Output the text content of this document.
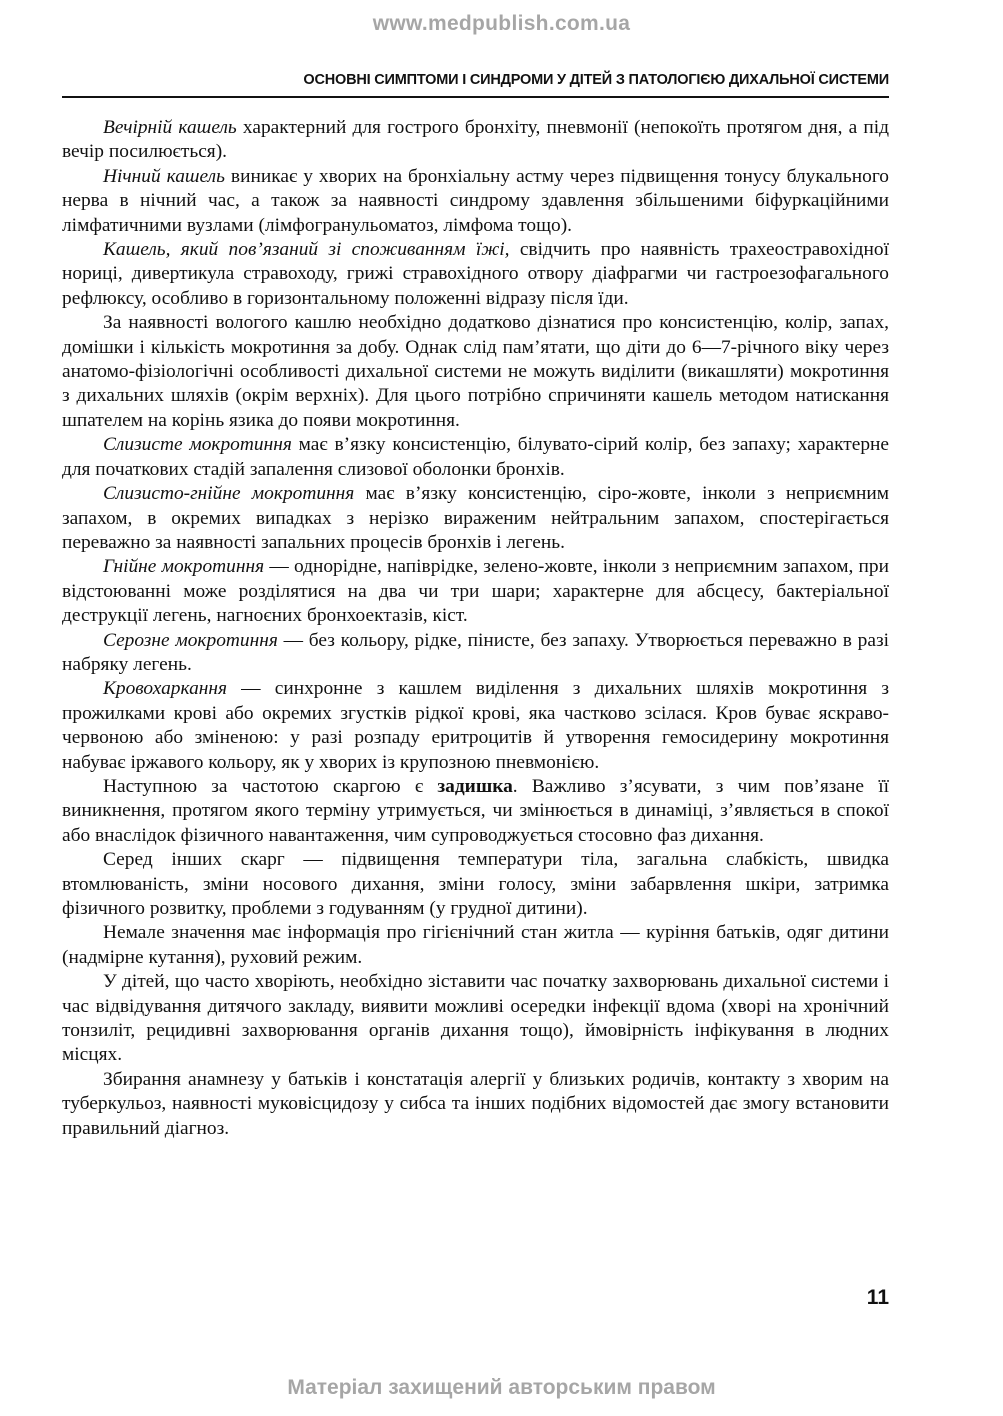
www.medpublish.com.ua
ОСНОВНІ СИМПТОМИ І СИНДРОМИ У ДІТЕЙ З ПАТОЛОГІЄЮ ДИХАЛЬНОЇ СИСТЕМИ

Вечірній кашель характерний для гострого бронхіту, пневмонії (непокоїть протягом дня, а під вечір посилюється).

Нічний кашель виникає у хворих на бронхіальну астму через підвищення тонусу блукального нерва в нічний час, а також за наявності синдрому здавлення збільшеними біфуркаційними лімфатичними вузлами (лімфогранульоматоз, лімфома тощо).

Кашель, який пов’язаний зі споживанням їжі, свідчить про наявність трахеостравохідної нориці, дивертикула стравоходу, грижі стравохідного отвору діафрагми чи гастроезофагального рефлюксу, особливо в горизонтальному положенні відразу після їди.

За наявності вологого кашлю необхідно додатково дізнатися про консистенцію, колір, запах, домішки і кількість мокротиння за добу. Однак слід пам’ятати, що діти до 6—7-річного віку через анатомо-фізіологічні особливості дихальної системи не можуть виділити (викашляти) мокротиння з дихальних шляхів (окрім верхніх). Для цього потрібно спричиняти кашель методом натискання шпателем на корінь язика до появи мокротиння.

Слизисте мокротиння має в’язку консистенцію, білувато-сірий колір, без запаху; характерне для початкових стадій запалення слизової оболонки бронхів.

Слизисто-гнійне мокротиння має в’язку консистенцію, сіро-жовте, інколи з неприємним запахом, в окремих випадках з нерізко вираженим нейтральним запахом, спостерігається переважно за наявності запальних процесів бронхів і легень.

Гнійне мокротиння — однорідне, напіврідке, зелено-жовте, інколи з неприємним запахом, при відстоюванні може розділятися на два чи три шари; характерне для абсцесу, бактеріальної деструкції легень, нагноєних бронхоектазів, кіст.

Серозне мокротиння — без кольору, рідке, пінисте, без запаху. Утворюється переважно в разі набряку легень.

Кровохаркання — синхронне з кашлем виділення з дихальних шляхів мокротиння з прожилками крові або окремих згустків рідкої крові, яка частково зсілася. Кров буває яскраво-червоною або зміненою: у разі розпаду еритроцитів й утворення гемосидерину мокротиння набуває іржавого кольору, як у хворих із крупозною пневмонією.

Наступною за частотою скаргою є задишка. Важливо з’ясувати, з чим пов’язане її виникнення, протягом якого терміну утримується, чи змінюється в динаміці, з’являється в спокої або внаслідок фізичного навантаження, чим супроводжується стосовно фаз дихання.

Серед інших скарг — підвищення температури тіла, загальна слабкість, швидка втомлюваність, зміни носового дихання, зміни голосу, зміни забарвлення шкіри, затримка фізичного розвитку, проблеми з годуванням (у грудної дитини).

Немале значення має інформація про гігієнічний стан житла — куріння батьків, одяг дитини (надмірне кутання), руховий режим.

У дітей, що часто хворіють, необхідно зіставити час початку захворювань дихальної системи і час відвідування дитячого закладу, виявити можливі осередки інфекції вдома (хворі на хронічний тонзиліт, рецидивні захворювання органів дихання тощо), ймовірність інфікування в людних місцях.

Збирання анамнезу у батьків і констатація алергії у близьких родичів, контакту з хворим на туберкульоз, наявності муковісцидозу у сибса та інших подібних відомостей дає змогу встановити правильний діагноз.

11
Матеріал захищений авторським правом
